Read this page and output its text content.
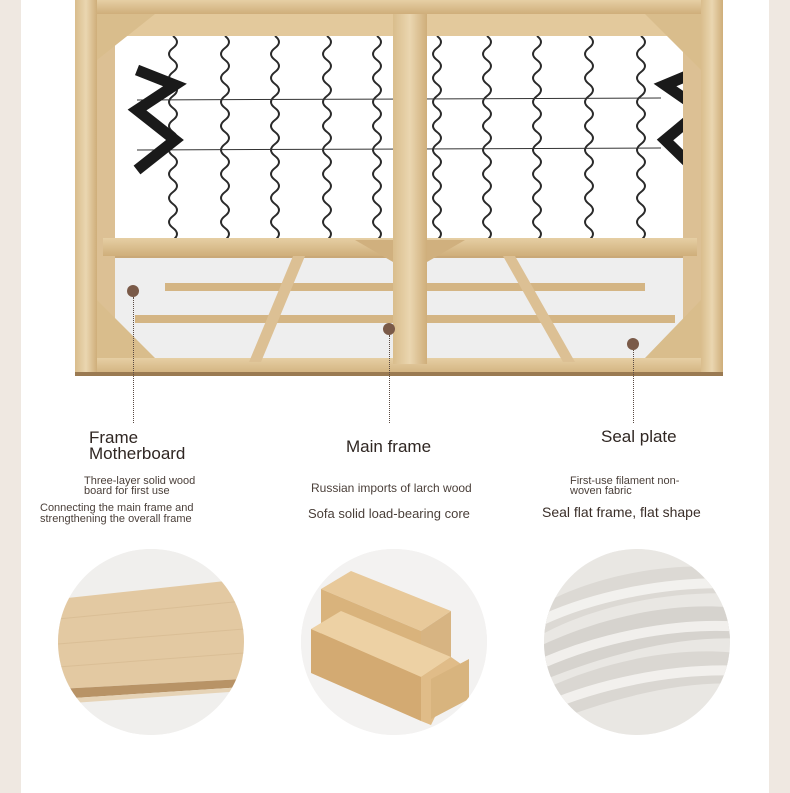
Frame
Motherboard
Three-layer solid wood
board for first use
Connecting the main frame and
strengthening the overall frame
Main frame
Russian imports of larch wood
Sofa solid load-bearing core
Seal plate
First-use filament non-
woven fabric
Seal flat frame, flat shape
